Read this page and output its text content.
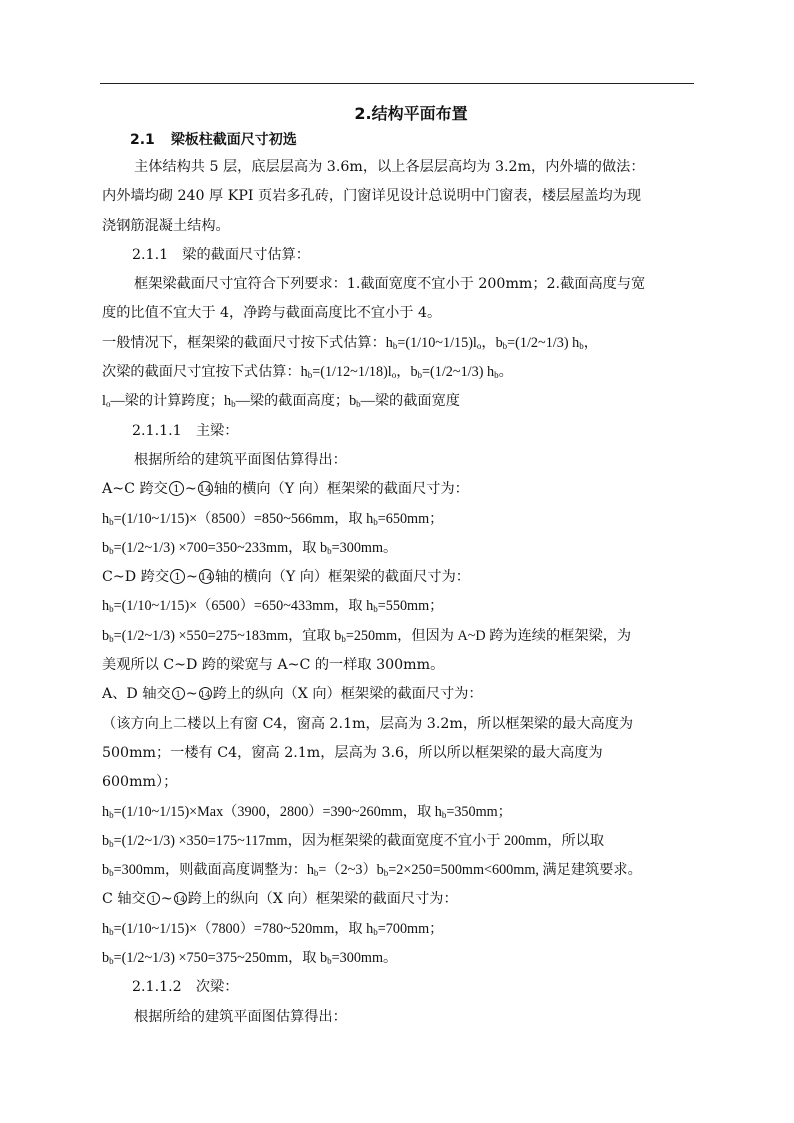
2.结构平面布置
2.1 梁板柱截面尺寸初选
主体结构共 5 层，底层层高为 3.6m，以上各层层高均为 3.2m，内外墙的做法：
内外墙均砌 240 厚 KPI 页岩多孔砖，门窗详见设计总说明中门窗表，楼层屋盖均为现
浇钢筋混凝土结构。
2.1.1　梁的截面尺寸估算：
框架梁截面尺寸宜符合下列要求：1.截面宽度不宜小于 200mm；2.截面高度与宽
度的比值不宜大于 4，净跨与截面高度比不宜小于 4。
一般情况下，框架梁的截面尺寸按下式估算：$h_b=(1/10\sim 1/15)l_o$，$b_b=(1/2\sim 1/3)$ $h_b$，
次梁的截面尺寸宜按下式估算：$h_b=(1/12\sim 1/18)l_o$，$b_b=(1/2\sim 1/3)$ $h_b$。
$l_o—$梁的计算跨度；$h_b—$梁的截面高度；$b_b—$梁的截面宽度
2.1.1.1　主梁：
根据所给的建筑平面图估算得出：
A~C 跨交 1 ~ 14 轴的横向（Y 向）框架梁的截面尺寸为：
$h_b=(1/10\sim 1/15)\times(8500)=850\sim 566mm$，取 $h_b=650mm$；
$b_b=(1/2\sim 1/3)$ ×700=350~233mm，取 $b_b=300mm$。
C~D 跨交 1 ~ 14 轴的横向（Y 向）框架梁的截面尺寸为：
$h_b=(1/10\sim 1/15)\times(6500)=650\sim 433mm$，取 $h_b=550mm$；
$b_b=(1/2\sim 1/3)$ ×550=275~183mm，宜取 $b_b=250mm$，但因为 A~D 跨为连续的框架梁，为
美观所以 C~D 跨的梁宽与 A~C 的一样取 300mm。
A、D 轴交 1 ~ 14 跨上的纵向（X 向）框架梁的截面尺寸为：
（该方向上二楼以上有窗 C4，窗高 2.1m，层高为 3.2m，所以框架梁的最大高度为
500mm；一楼有 C4，窗高 2.1m，层高为 3.6，所以所以框架梁的最大高度为
600mm）；
$h_b=(1/10\sim 1/15)\times Max(3900$，2800）=390~260mm，取 $h_b=350mm$；
$b_b=(1/2\sim 1/3)$ ×350=175~117mm，因为框架梁的截面宽度不宜小于 200mm，所以取
$b_b=300mm$，则截面高度调整为：$h_b=(2\sim 3)b_b=2\times 250=500mm<600mm$, 满足建筑要求。
C 轴交 1 ~ 14 跨上的纵向（X 向）框架梁的截面尺寸为：
$h_b=(1/10\sim 1/15)\times(7800)=780\sim 520mm$，取 $h_b=700mm$；
$b_b=(1/2\sim 1/3)$ ×750=375~250mm，取 $b_b=300mm$。
2.1.1.2　次梁：
根据所给的建筑平面图估算得出：
